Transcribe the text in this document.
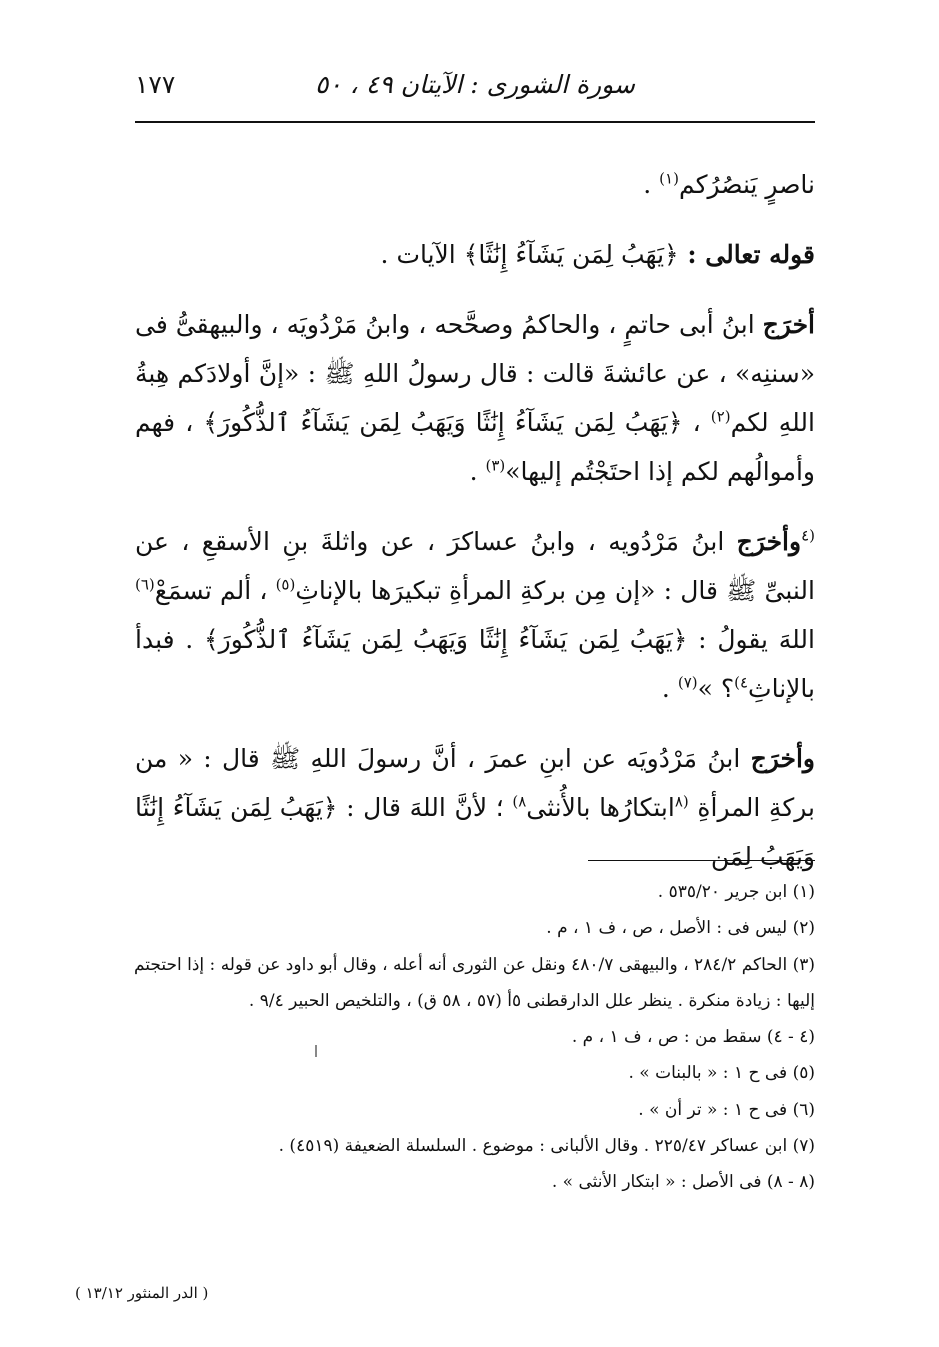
سورة الشورى : الآيتان ٤٩ ، ٥٠
١٧٧

ناصرٍ يَنصُرُكم$^{(١)}$ .

قوله تعالى : ﴿يَهَبُ لِمَن يَشَآءُ إِنَٰثًا﴾ الآيات .

أخرَج ابنُ أبى حاتمٍ ، والحاكمُ وصحَّحه ، وابنُ مَرْدُويَه ، والبيهقىُّ فى «سننِه» ، عن عائشةَ قالت : قال رسولُ اللهِ ﷺ : «إنَّ أولادَكم هِبةُ اللهِ لكم$^{(٢)}$ ، ﴿يَهَبُ لِمَن يَشَآءُ إِنَٰثًا وَيَهَبُ لِمَن يَشَآءُ ٱلذُّكُورَ﴾ ، فهم وأموالُهم لكم إذا احتَجْتُم إليها»$^{(٣)}$ .

$^{(٤}$وأخرَج ابنُ مَرْدُويه ، وابنُ عساكرَ ، عن واثلةَ بنِ الأسقعِ ، عن النبىِّ ﷺ قال : «إن مِن بركةِ المرأةِ تبكيرَها بالإناثِ$^{(٥)}$ ، ألم تسمَعْ$^{(٦)}$ اللهَ يقولُ : ﴿يَهَبُ لِمَن يَشَآءُ إِنَٰثًا وَيَهَبُ لِمَن يَشَآءُ ٱلذُّكُورَ﴾ . فبدأ بالإناثِ$^{٤)}$؟ »$^{(٧)}$ .

وأخرَج ابنُ مَرْدُويَه عن ابنِ عمرَ ، أنَّ رسولَ اللهِ ﷺ قال : « من بركةِ المرأةِ $^{(٨}$ابتكارُها بالأُنثى$^{٨)}$ ؛ لأنَّ اللهَ قال : ﴿يَهَبُ لِمَن يَشَآءُ إِنَٰثًا وَيَهَبُ لِمَن

(١) ابن جرير ٥٣٥/٢٠ .

(٢) ليس فى : الأصل ، ص ، ف ١ ، م .

(٣) الحاكم ٢٨٤/٢ ، والبيهقى ٤٨٠/٧ ونقل عن الثورى أنه أعله ، وقال أبو داود عن قوله : إذا احتجتم

إليها : زيادة منكرة . ينظر علل الدارقطنى ٥أ (٥٧ ، ٥٨ ق) ، والتلخيص الحبير ٩/٤ .

(٤ - ٤) سقط من : ص ، ف ١ ، م .

(٥) فى ح ١ : « بالبنات » .

(٦) فى ح ١ : « تر أن » .

(٧) ابن عساكر ٢٢٥/٤٧ . وقال الألبانى : موضوع . السلسلة الضعيفة (٤٥١٩) .

(٨ - ٨) فى الأصل : « ابتكار الأنثى » .

( الدر المنثور ١٣/١٢ )
